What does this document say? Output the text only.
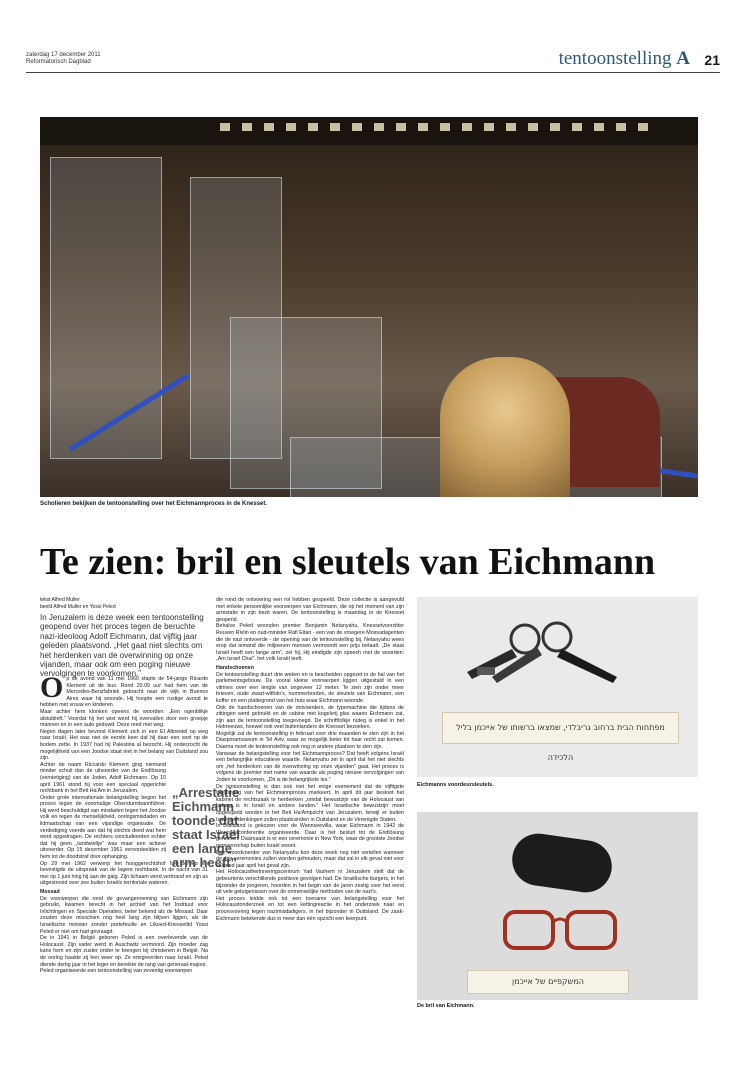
zaterdag 17 december 2011
Reformatorisch Dagblad	tentoonstelling A 21
Scholieren bekijken de tentoonstelling over het Eichmannproces in de Knesset.
Te zien: bril en sleutels van Eichmann
tekst Alfred Muller
beeld Alfred Muller en Yossi Peled
In Jeruzalem is deze week een tentoonstelling geopend over het proces tegen de beruchte nazi-ideoloog Adolf Eichmann, dat vijftig jaar geleden plaatsvond. „Het gaat niet slechts om het herdenken van de overwinning op onze vijanden, maar ook om een poging nieuwe vervolgingen te voorkomen.”
O p de avond van 11 mei 1960 stapte de 54-jarige Ricardo Klement uit de bus. Rond 20.00 uur had hem van de Mercedes-Benzfabriek gebracht naar de wijk in Buenos Aires waar hij woonde. Hij hoopte een rustige avond te hebben met vrouw en kinderen.
Maar achter hem klonken opeens de woorden: „Een ogenblikje alstublieft.” Voordat hij het wist werd hij overvallen door een groepje mannen en in een auto geduwd. Deze reed met weg.
Negen dagen later bevond Klement zich in een El Altoestel op weg naar Israël. Het was niet de eerste keer dat hij daar een voet op de bodem zette. In 1937 had hij Palestina al bezocht. Hij onderzocht de mogelijkheid van een Joodse staat niet in het belang van Duitsland zou zijn.
Achter de naam Riccardo Klement ging niemand minder schuil dan de uitvoerder van de Endlösung (vernietiging) van de Joden, Adolf Eichmann. Op 10 april 1961 stond hij voor een speciaal opgerichte rechtbank in het Beit Ha'Am in Jeruzalem.
Onder grote internationale belangstelling begon het proces tegen de voormalige Obersturmbannführer. Hij werd beschuldigd van misdaden tegen het Joodse volk en tegen de menselijkheid, oorlogsmisdaden en lidmaatschap van een vijandige organisatie. De verdediging voerde aan dat hij slechts deed wat hem werd opgedragen. De rechters concludeerden echter dat hij geen „tandwieltje” was maar een actieve uitvoerder. Op 15 december 1961 veroordeelden zij hem tot de doodstraf door ophanging.
Op 29 mei 1962 verwierp het hooggerechtshof het beroep en bevestigde de uitspraak van de lagere rechtbank. In de nacht van 31 mei op 1 juni hing hij aan de galg. Zijn lichaam werd verbrand en zijn as uitgestrooid over zee buiten Israëls territoriale wateren.
Mossad
De voorwerpen die rond de gevangenneming van Eichmann zijn gebruikt, kwamen terecht in het archief van het Instituut voor Inlichtingen en Speciale Operaties, beter bekend als de Mossad. Daar zouden deze misschien nog heel lang zijn blijven liggen, als de Israëlische minister zonder portefeuille en Likoed-Knessetlid Yossi Peled er niet om had gevraagd.
De in 1941 in België geboren Peled is een overlevende van de Holocaust. Zijn vader werd in Auschwitz vermoord. Zijn moeder zag kans hem en zijn zuster onder te brengen bij christenen in België. Na de oorlog haalde zij hen weer op. Ze emigreerden naar Israël. Peled diende dertig jaar in het leger en bereikte de rang van generaal-majoor.
Peled organiseerde een tentoonstelling van zeventig voorwerpen
„Arrestatie
Eichmann
toonde dat
staat Israël
een lange
arm heeft”
die rond de ontvoering een rol hebben gespeeld. Deze collectie is aangevuld met enkele persoonlijke voorwerpen van Eichmann, die op het moment van zijn arrestatie in zijn bezit waren. De tentoonstelling is maandag in de Knesset geopend.
Behalve Peled woonden premier Benjamin Netanyahu, Knessetvoorzitter Reuven Rivlin en oud-minister Rafi Eitan - een van de vroegere Mossadagenten die de nazi ontvoerde - de opening van de tentoonstelling bij. Netanyahu wees erop dat iemand die miljoenen mensen vermoordt een prijs betaalt. „De staat Israël heeft een lange arm”, zei hij. Hij eindigde zijn speech met de woorden: „Am Israel Chai”, het volk Israël leeft.
Handschoenen
De tentoonstelling duurt drie weken en is bescheiden opgezet in de hal van het parlementsgebouw. De vooral kleine voorwerpen liggen uitgestald in een vitrines over een lengte van ongeveer 12 meter. Te zien zijn onder meer brieven, oude zwart-witfoto's, nummerborden, de sleutels van Eichmann, een koffer en een plattegrond van het huis waar Eichmann woonde.
Ook de handschoenen van de ontvoerders, de typemachine die tijdens de zittingen werd gebruikt en de cabine met kogelvrij glas waarin Eichmann zat, zijn aan de tentoonstelling toegevoegd. De schrifttolkje nüteg is enkel in het Hebreeuws, hoewel ook veel buitenlanders de Knesset bezoeken.
Mogelijk zal de tentoonstelling in februari voor drie maanden te zien zijn in het Diasporamuseum in Tel Aviv, waar ze mogelijk beter tot haar recht zal komen. Daarna moet de tentoonstelling ook nog in andere plaatsen te zien zijn.
Vanwaar de belangstelling voor het Eichmannproces? Dat heeft volgens Israël een belangrijke educatieve waarde. Netanyahu zei in april dat het niet slechts om „het herdenken van de overwinning op onze vijanden” gaat. Het proces is volgens de premier met name van waarde als poging nieuwe vervolgingen van Joden te voorkomen. „Dit is de belangrijkste les.”
De tentoonstelling is dan ook niet het enige evenement dat de vijftigste verjaardag van het Eichmannproces markeert. In april dit jaar besloot het kabinet de rechtszaak te herdenken „omdat bewustzijn van de Holocaust van belang is in Israël en andere landen.” Het Israëlische bewustzijn moet opgevijzeld worden in het Beit Ha'Ampzicht van Jeruzalem, terwijl er buiten Israël herdenkingen zullen plaatsvinden in Duitsland en de Verenigde Staten.
In Duitsland is gekozen voor de Wannseevilla, waar Eichmann in 1942 de Wannseeconferentie organiseerde. Daar is het besluit tot de Endlösung genomen. Daarnaast is er een ceremonie in New York, waar de grootste Joodse gemeenschap buiten Israël woont.
Een woordvoerder van Netanyahu kon deze week nog niet vertellen wanneer de drie ceremonies zullen worden gehouden, maar dat zal in elk geval niet voor volgend jaar april het geval zijn.
Het Holocaustherinneringscentrum Yad Vashem in Jeruzalem stelt dat de gebeurtenis verschillende positieve gevolgen had. De Israëlische burgers, in het bijzonder de jongeren, hoorden in het begin van de jaren zestig voor het eerst uit vele getuigenissen over de onmenselijke methoden van de nazi's.
Het proces leidde ook tot een toename van belangstelling voor het Holocaustonderzoek en tot een kettingreactie in het onderzoek naar en procesvoering tegen nazimisdadigers, in het bijzonder in Duitsland. De zaak-Eichmann betekende dus in meer dan één opzicht een keerpunt.
מפתחות הבית ברחוב גריבלדי, שמצאו ברשותו של אייכמן בליל הלכידה
Eichmanns voordeursleutels.
המשקפיים של אייכמן
De bril van Eichmann.
